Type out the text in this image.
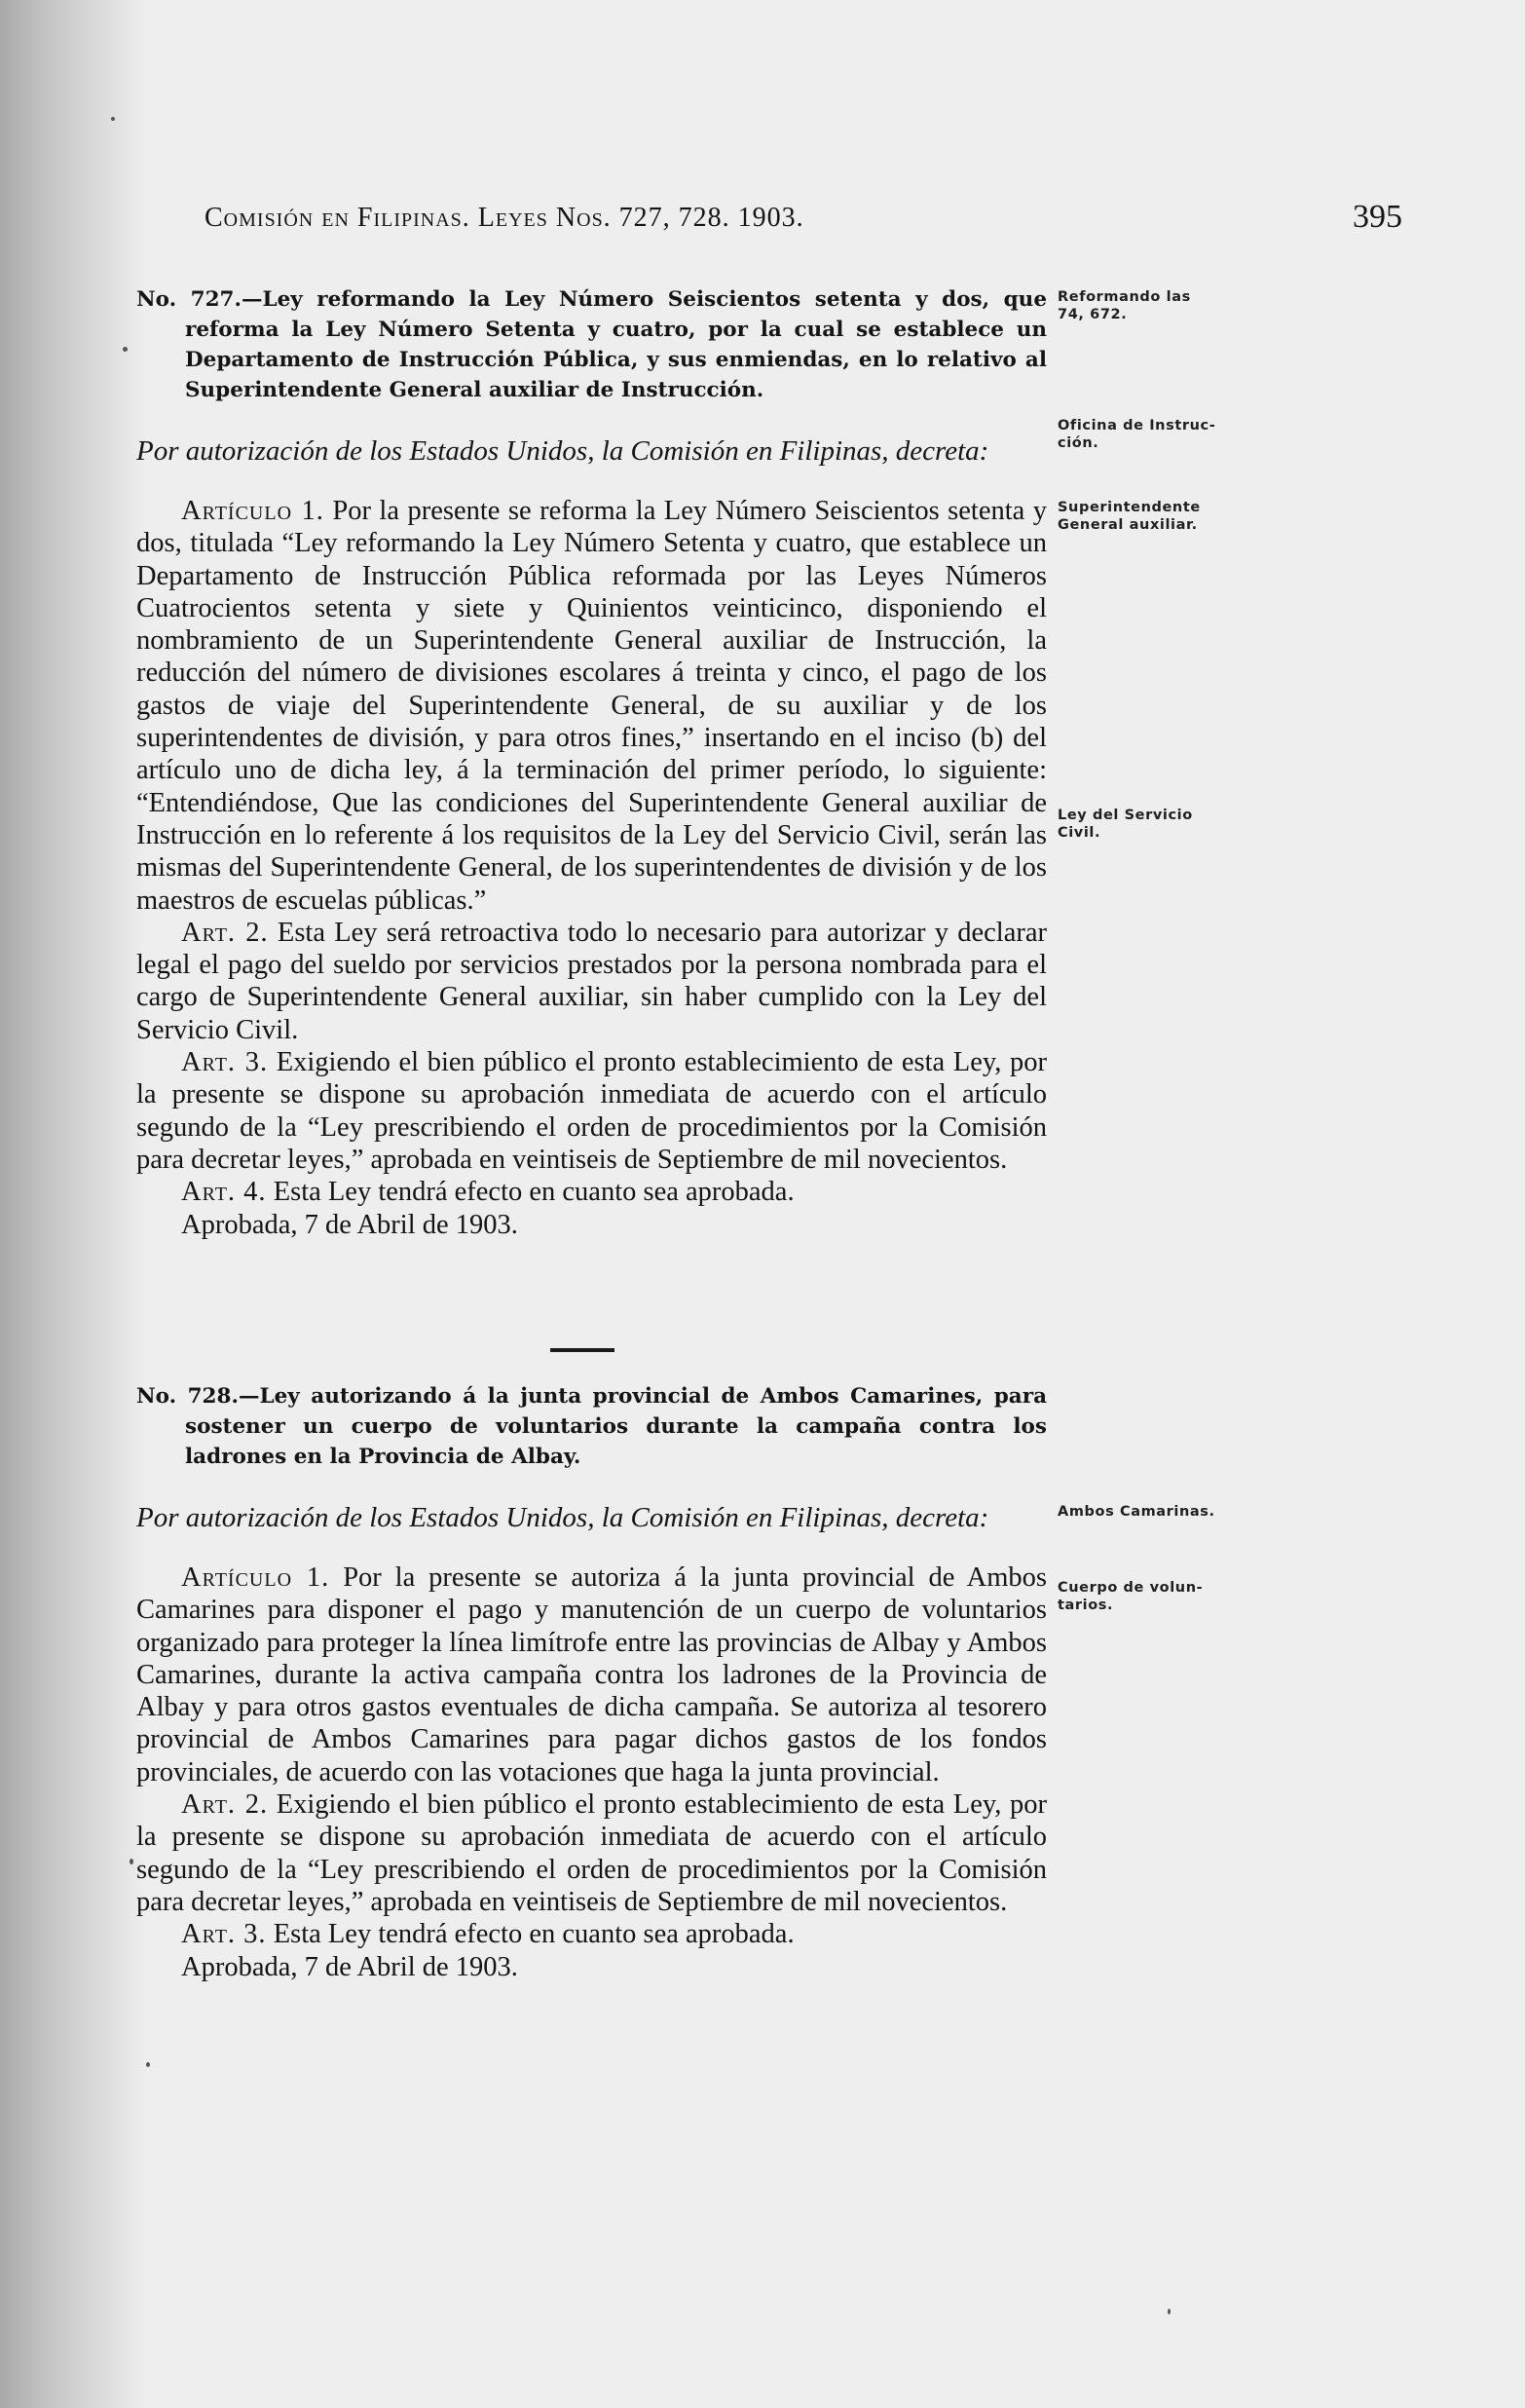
Comisión en Filipinas. Leyes Nos. 727, 728. 1903.	395

No. 727.—Ley reformando la Ley Número Seiscientos setenta y dos, que reforma la Ley Número Setenta y cuatro, por la cual se establece un Departamento de Instrucción Pública, y sus enmiendas, en lo relativo al Superintendente General auxiliar de Instrucción.

Por autorización de los Estados Unidos, la Comisión en Filipinas, decreta:

Artículo 1. Por la presente se reforma la Ley Número Seiscientos setenta y dos, titulada “Ley reformando la Ley Número Setenta y cuatro, que establece un Departamento de Instrucción Pública reformada por las Leyes Números Cuatrocientos setenta y siete y Quinientos veinticinco, disponiendo el nombramiento de un Superintendente General auxiliar de Instrucción, la reducción del número de divisiones escolares á treinta y cinco, el pago de los gastos de viaje del Superintendente General, de su auxiliar y de los superintendentes de división, y para otros fines,” insertando en el inciso (b) del artículo uno de dicha ley, á la terminación del primer período, lo siguiente: “Entendiéndose, Que las condiciones del Superintendente General auxiliar de Instrucción en lo referente á los requisitos de la Ley del Servicio Civil, serán las mismas del Superintendente General, de los superintendentes de división y de los maestros de escuelas públicas.”

Art. 2. Esta Ley será retroactiva todo lo necesario para autorizar y declarar legal el pago del sueldo por servicios prestados por la persona nombrada para el cargo de Superintendente General auxiliar, sin haber cumplido con la Ley del Servicio Civil.

Art. 3. Exigiendo el bien público el pronto establecimiento de esta Ley, por la presente se dispone su aprobación inmediata de acuerdo con el artículo segundo de la “Ley prescribiendo el orden de procedimientos por la Comisión para decretar leyes,” aprobada en veintiseis de Septiembre de mil novecientos.

Art. 4. Esta Ley tendrá efecto en cuanto sea aprobada.

Aprobada, 7 de Abril de 1903.

No. 728.—Ley autorizando á la junta provincial de Ambos Camarines, para sostener un cuerpo de voluntarios durante la campaña contra los ladrones en la Provincia de Albay.

Por autorización de los Estados Unidos, la Comisión en Filipinas, decreta:

Artículo 1. Por la presente se autoriza á la junta provincial de Ambos Camarines para disponer el pago y manutención de un cuerpo de voluntarios organizado para proteger la línea limítrofe entre las provincias de Albay y Ambos Camarines, durante la activa campaña contra los ladrones de la Provincia de Albay y para otros gastos eventuales de dicha campaña. Se autoriza al tesorero provincial de Ambos Camarines para pagar dichos gastos de los fondos provinciales, de acuerdo con las votaciones que haga la junta provincial.

Art. 2. Exigiendo el bien público el pronto establecimiento de esta Ley, por la presente se dispone su aprobación inmediata de acuerdo con el artículo segundo de la “Ley prescribiendo el orden de procedimientos por la Comisión para decretar leyes,” aprobada en veintiseis de Septiembre de mil novecientos.

Art. 3. Esta Ley tendrá efecto en cuanto sea aprobada.

Aprobada, 7 de Abril de 1903.

Reformando las
74, 672.
Oficina de Instruc-
ción.
Superintendente
General auxiliar.
Ley del Servicio
Civil.
Ambos Camarinas.
Cuerpo de volun-
tarios.
